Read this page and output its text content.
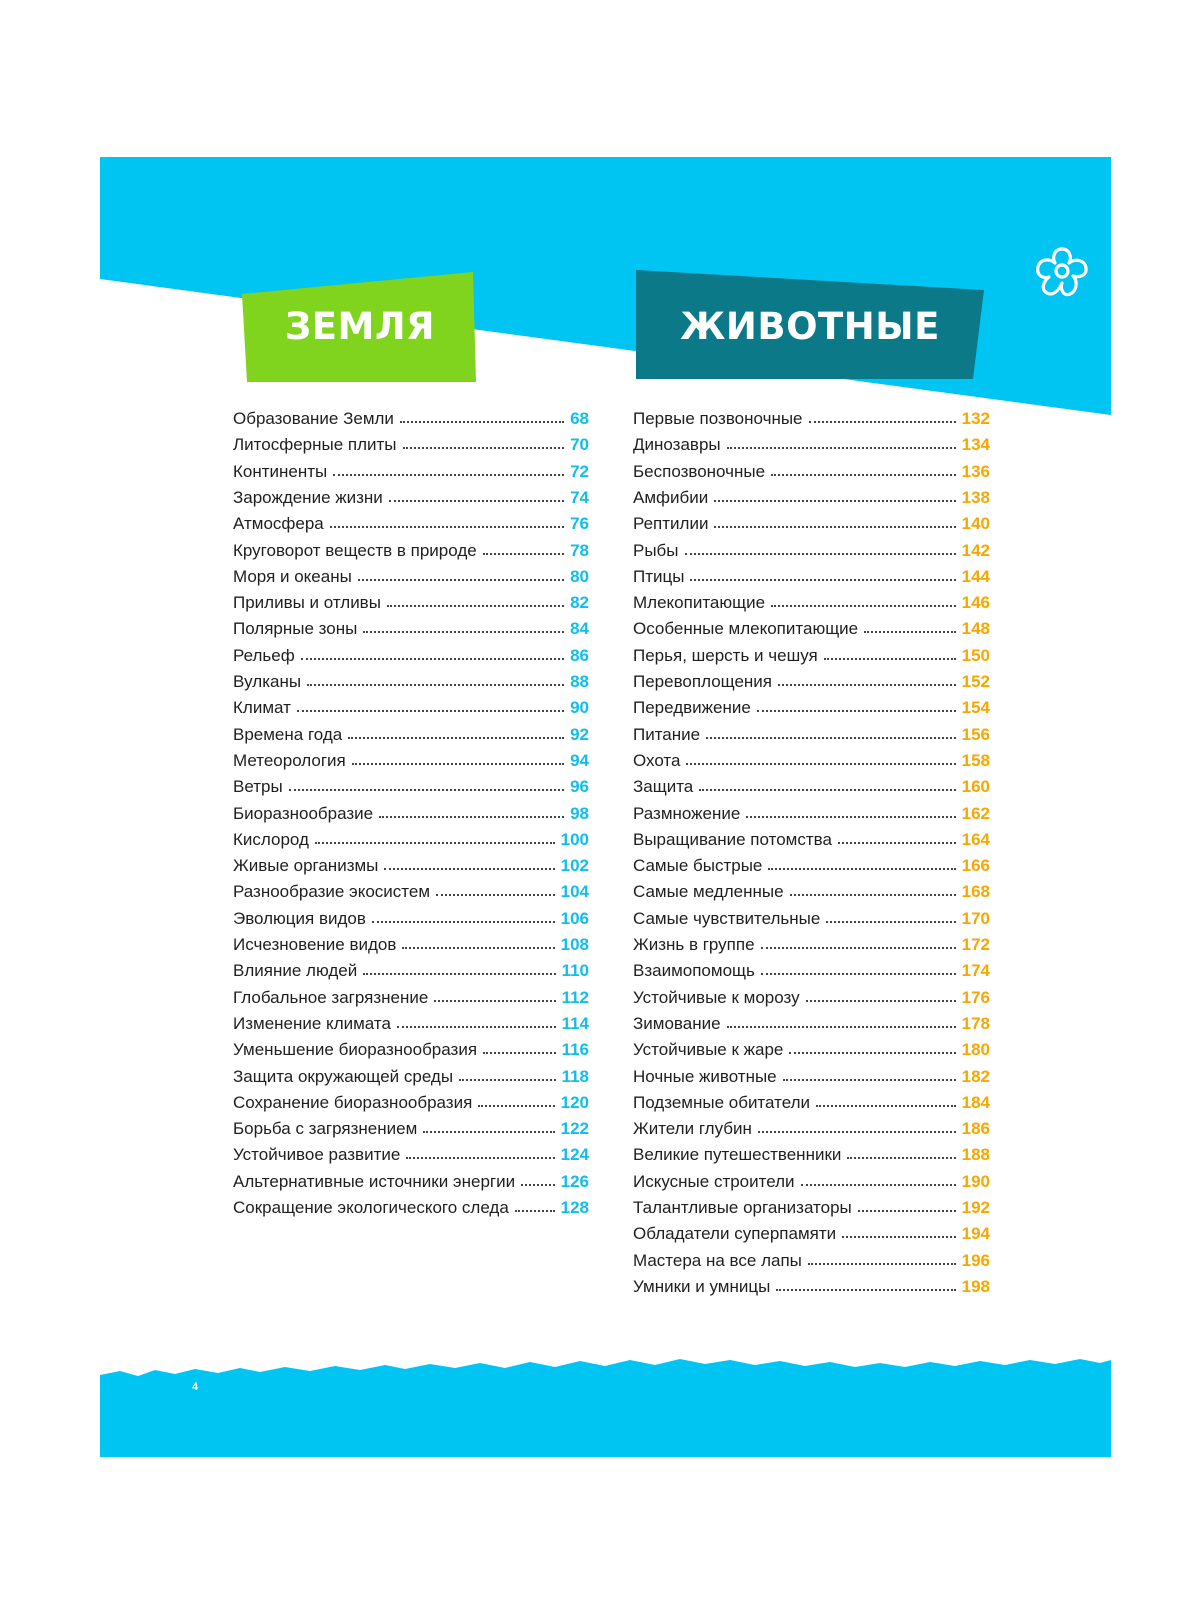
ЗЕМЛЯ	ЖИВОТНЫЕ
Образование Земли	68
Литосферные плиты	70
Континенты	72
Зарождение жизни	74
Атмосфера	76
Круговорот веществ в природе	78
Моря и океаны	80
Приливы и отливы	82
Полярные зоны	84
Рельеф	86
Вулканы	88
Климат	90
Времена года	92
Метеорология	94
Ветры	96
Биоразнообразие	98
Кислород	100
Живые организмы	102
Разнообразие экосистем	104
Эволюция видов	106
Исчезновение видов	108
Влияние людей	110
Глобальное загрязнение	112
Изменение климата	114
Уменьшение биоразнообразия	116
Защита окружающей среды	118
Сохранение биоразнообразия	120
Борьба с загрязнением	122
Устойчивое развитие	124
Альтернативные источники энергии	126
Сокращение экологического следа	128
Первые позвоночные	132
Динозавры	134
Беспозвоночные	136
Амфибии	138
Рептилии	140
Рыбы	142
Птицы	144
Млекопитающие	146
Особенные млекопитающие	148
Перья, шерсть и чешуя	150
Перевоплощения	152
Передвижение	154
Питание	156
Охота	158
Защита	160
Размножение	162
Выращивание потомства	164
Самые быстрые	166
Самые медленные	168
Самые чувствительные	170
Жизнь в группе	172
Взаимопомощь	174
Устойчивые к морозу	176
Зимование	178
Устойчивые к жаре	180
Ночные животные	182
Подземные обитатели	184
Жители глубин	186
Великие путешественники	188
Искусные строители	190
Талантливые организаторы	192
Обладатели суперпамяти	194
Мастера на все лапы	196
Умники и умницы	198
4
